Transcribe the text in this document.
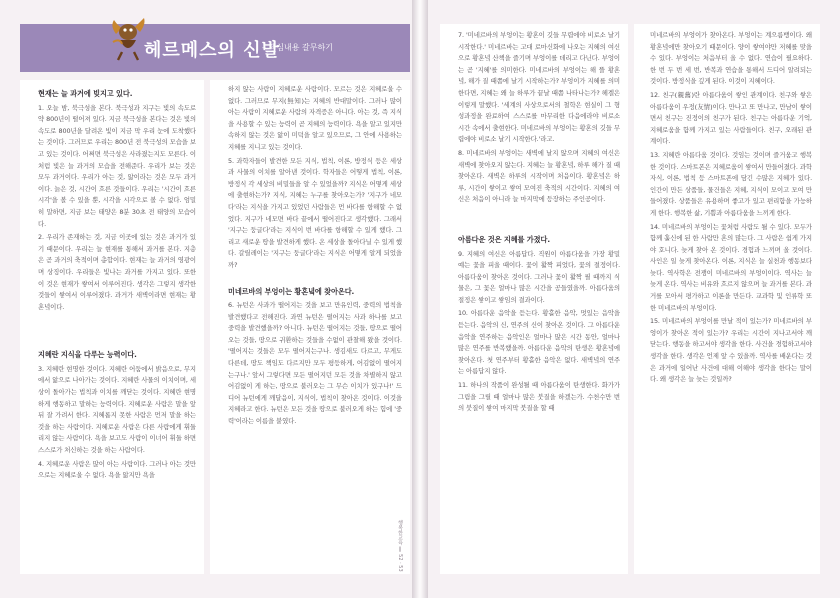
헤르메스의 신발
– 핵심내용 갈무하기
현재는 늘 과거에 빚지고 있다.

1. 오늘 밤, 북극성을 본다. 북극성과 지구는 빛의 속도로 약 800년이 떨어져 있다. 지금 북극성을 본다는 것은 빛의 속도로 800년을 달려온 빛이 지금 막 우리 눈에 도착했다는 것이다. 그러므로 우리는 800년 전 북극성의 모습을 보고 있는 것이다. 어쩌면 북극성은 사라졌는지도 모른다. 이처럼 빛은 늘 과거의 모습을 전해준다. 우리가 보는 것은 모두 과거이다. 우리가 아는 것, 앎이라는 것은 모두 과거이다. 늙은 것, 시간이 흐른 것들이다. 우리는 '시간이 흐른 시각'을 볼 수 있을 뿐, 시각을 시각으로 볼 수 없다. 엄밀히 말하면, 지금 보는 태양은 8분 30초 전 태양의 모습이다.

2. 우리가 존재하는 것, 지금 이곳에 있는 것은 과거가 있기 때문이다. 우리는 늘 현재를 통해서 과거를 본다. 지층은 곧 과거의 축적이며 총합이다. 현재는 늘 과거의 영광이며 상징이다. 우리들은 빛나는 과거를 가지고 있다. 또한 이 것은 현재가 쌓여서 이루어진다. 생각은 그렇지 생각한 것들이 쌓여서 이루어졌다. 과거가 새벽이라면 현재는 황혼녘이다.

지혜란 지식을 다루는 능력이다.

3. 지혜란 현명한 것이다. 지혜란 어둠에서 밝음으로, 무지에서 앎으로 나아가는 것이다. 지혜란 사물의 이치이며, 세상이 돌아가는 법칙과 이치를 깨닫는 것이다. 지혜란 현명하게 행동하고 말하는 능력이다. 지혜로운 사람은 말을 앞뒤 잘 가려서 한다. 지혜롭지 못한 사람은 먼저 말을 하는 것을 하는 사람이다. 지혜로운 사람은 다른 사람에게 휘둘리지 않는 사람이다. 욕을 보고도 사람이 이너어 휘둘 하면 스스로가 처신하는 것을 하는 사람이다.

4. 지혜로운 사람은 많이 아는 사람이다. 그러나 아는 것만으로는 지혜로울 수 없다. 욕을 앎지만 욕을

하지 않는 사람이 지혜로운 사람이다. 모르는 것은 지혜로울 수 없다. 그러므로 무지(無知)는 지혜의 반대말이다. 그러나 많이 아는 사람이 지혜로운 사람의 자격증은 아니다. 아는 것, 즉 지식을 사용할 수 있는 능력이 곧 지혜의 능력이다. 욕을 알고 있지만 속하지 않는 것은 앎이 미덕을 알고 있으므로, 그 안에 사용하는 지혜를 지니고 있는 것이다.

5. 과학자들이 발견한 모든 지식, 법칙, 이론, 방정식 등은 세상과 사물의 이치를 알아낸 것이다. 학자들은 어떻게 법칙, 이론, 방정식 각 세상의 비밀들을 알 수 있었을까? 지식은 어떻게 세상에 출현하는가? 지식, 지혜는 누구를 찾아오는가? '지구가 네모다'라는 지식을 가지고 있었던 사람들은 먼 바다를 항해할 수 없었다. 지구가 네모면 바다 끝에서 떨어진다고 생각했다. 그래서 '지구는 둥글다'라는 지식이 번 바다를 항해할 수 있게 했다. 그리고 새로운 땅을 발견하게 했다. 온 세상을 돌아다닐 수 있게 했다. 갈릴레이는 '지구는 둥글다'라는 지식은 어떻게 알게 되었을까?

미네르바의 부엉이는 황혼녘에 찾아온다.

6. 뉴턴은 사과가 떨어지는 것을 보고 만유인력, 중력의 법칙을 발견했다고 전해진다. 과연 뉴턴은 떨어지는 사과 하나를 보고 중력을 발견했을까? 아니다. 뉴턴은 떨어지는 것들, 땅으로 떨어오는 것들, 땅으로 귀환하는 것들을 수없이 관찰해 왔을 것이다. '떨어지는 것들은 모두 떨어지는구나. 생김새도 다르고, 무게도 다른데, 땅도 책임도 다르지만 모두 평등하게, 어김없이 떨어지는구나.' 앞서 그렇다면 모든 떨어지던 모든 것을 차별하지 않고 어김없이 게 하는, 땅으로 불러오는 그 무슨 이치가 있구나!' 드디어 뉴턴에게 깨달음이, 지식이, 법칙이 찾아온 것이다. 이것을 지혜라고 한다. 뉴턴은 모든 것을 땅으로 불러오게 하는 힘에 '중력'이라는 이름을 붙였다.

행복한교육 ‖ 52 · 53

7. '미네르바의 부엉이는 황혼이 깃들 무렵에야 비로소 날기 시작한다.' 미네르바는 고대 로마신화에 나오는 지혜의 여신으로 황혼녘 산책을 즐기며 부엉이를 데리고 다닌다. 부엉이는 곧 '지혜'를 의미한다. 미네르바의 부엉이는 해 뜰 황혼녘, 해가 질 때쯤에 날기 시작하는가? 부엉이가 지혜를 의미한다면, 지혜는 왜 늘 하루가 끝날 때쯤 나타나는가? 헤겔은 이렇게 말했다. '세계의 사상으로서의 철학은 현실이 그 형성과정을 완료하여 스스로를 마무리한 다음에라야 비로소 시간 속에서 출현한다. 미네르바의 부엉이는 황혼의 깃들 무렵에야 비로소 날기 시작한다.'라고.

8. 미네르바의 부엉이는 새벽에 날지 않으며 지혜의 여신은 새벽에 찾아오지 않는다. 지혜는 늘 황혼녘, 하루 해가 질 때 찾아온다. 새벽은 하루의 시작이며 처음이다. 황혼녘은 하루, 시간이 쌓이고 쌓여 모여진 축적의 시간이다. 지혜의 여신은 처음이 아니라 늘 마지막에 등장하는 주인공이다.

아름다운 것은 지혜를 가졌다.

9. 지혜의 여신은 아름답다. 직원이 아름다움을 가장 황밀 예는 꽃을 피울 때이다. 꽃이 활짝 피었다, 꽃의 절정이다. 아름다움이 찾아온 것이다. 그러나 꽃이 활짝 필 때까지 식물은, 그 꽃은 얼마나 많은 시간을 공들였을까. 아름다움의 절정은 쌓이고 쌓임의 결과이다.

10. 아름다운 음악을 듣는다. 황홀한 음악, 멋있는 음악을 듣는다. 음악의 신, 연주의 신이 찾아온 것이다. 그 아름다운 음악을 연주하는 음악인은 얼마나 많은 시간 동안, 얼마나 많은 연주를 반복했을까. 아름다운 음악의 탄생은 황혼녘에 찾아온다. 첫 연주부터 황홀한 음악은 없다. 새벽녘의 연주는 아름답지 않다.

11. 하나의 작품이 완성될 때 아름다움이 탄생한다. 화가가 그림을 그릴 때 얼마나 많은 붓질을 하겠는가. 수천수만 번의 붓질이 쌓여 마지막 붓질을 할 때

미네르바의 부엉이가 찾아온다. 부엉이는 계으름뱅이다. 왜 황혼녘에만 찾아오기 때문이다. 양이 쌓여야만 저혜를 맞을 수 있다. 부엉이는 처음부터 올 수 없다. 연습이 필요하다. 한 번 두 번 세 번, 반복과 연습을 통해서 드디어 알려되는 것이다. 방정식을 깊게 된다. 이것이 지혜이다.

12. 친구(親舊)란 아름다움이 쌓인 관계이다. 친구와 쌓은 아름다움이 우정(友情)이다. 만나고 또 만나고, 만남이 쌓이면서 친구는 진정이의 친구가 된다. 친구는 아름다운 기억, 지혜로움을 함께 가지고 있는 사람들이다. 친구, 오래된 관계이다.

13. 지혜란 아름다움 것이다. 것임는 것이며 즐거움고 행복한 것이다. 스마트폰은 지혜로움이 쌓여서 만들어졌다. 과학자식, 이론, 법칙 등 스마트폰에 담긴 수많은 지혜가 있다. 인간이 만든 상품들, 물건들은 지혜, 지식이 모이고 모여 만들어졌다. 상품들은 유용하며 좋고가 있고 편리함을 가능하게 한다. 행복한 삶, 기쁨과 아름다움을 느끼게 한다.

14. 미네르바의 부엉이는 꽃처럼 사람도 될 수 있다. 모두가 함께 훌신에 된 한 사람만 혼의 많는다. 그 사람은 쉽게 가지야 호니다. 늦게 찾아 온 것이다. 경험과 느끼며 올 것이다. 사인은 일 늦게 찾아온다. 이론, 지식은 늘 실천과 행동보다 늦다. 역사학은 전쟁이 미네르바의 부엉이이다. 역사는 늘 늦게 온다. 역사는 비유와 흐르지 않으며 늘 과거를 본다. 과거를 모아서 평가하고 이론을 만든다. 교과학 및 인류학 또한 미네르바의 부엉이다.

15. 미네르바의 부엉이를 만날 적이 있는가? 미네르바의 부엉이가 찾아온 적이 있는가? 우리는 시간이 지나고서야 깨닫는다. 행동을 하고서야 생각을 한다. 사건을 경험하고서야 생각을 한다. 생각은 언제 앞 수 있을까. 역사를 배운다는 것은 과거에 일어난 사건에 대해 이해야 생각을 한다는 말이다. 왜 생각은 늘 늦는 것일까?
